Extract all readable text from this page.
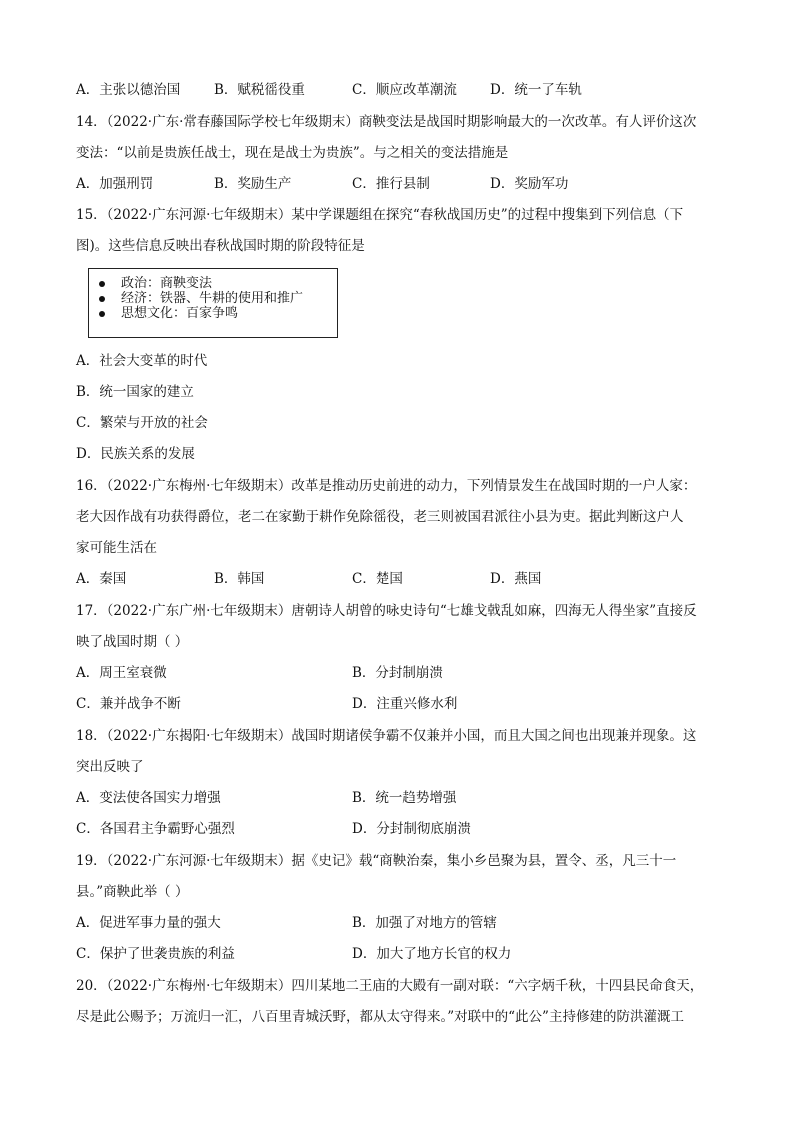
A．主张以德治国	B．赋税徭役重	C．顺应改革潮流	D．统一了车轨
14．（2022·广东·常春藤国际学校七年级期末）商鞅变法是战国时期影响最大的一次改革。有人评价这次
变法：“以前是贵族任战士，现在是战士为贵族”。与之相关的变法措施是
A．加强刑罚	B．奖励生产	C．推行县制	D．奖励军功
15．（2022·广东河源·七年级期末）某中学课题组在探究“春秋战国历史”的过程中搜集到下列信息（下
图)。这些信息反映出春秋战国时期的阶段特征是
政治：商鞅变法
经济：铁器、牛耕的使用和推广
思想文化：百家争鸣
A．社会大变革的时代
B．统一国家的建立
C．繁荣与开放的社会
D．民族关系的发展
16．（2022·广东梅州·七年级期末）改革是推动历史前进的动力，下列情景发生在战国时期的一户人家：
老大因作战有功获得爵位，老二在家勤于耕作免除徭役，老三则被国君派往小县为吏。据此判断这户人
家可能生活在
A．秦国	B．韩国	C．楚国	D．燕国
17．（2022·广东广州·七年级期末）唐朝诗人胡曾的咏史诗句“七雄戈戟乱如麻，四海无人得坐家”直接反
映了战国时期（ ）
A．周王室衰微	B．分封制崩溃
C．兼并战争不断	D．注重兴修水利
18．（2022·广东揭阳·七年级期末）战国时期诸侯争霸不仅兼并小国，而且大国之间也出现兼并现象。这
突出反映了
A．变法使各国实力增强	B．统一趋势增强
C．各国君主争霸野心强烈	D．分封制彻底崩溃
19．（2022·广东河源·七年级期末）据《史记》载“商鞅治秦，集小乡邑聚为县，置令、丞，凡三十一
县。”商鞅此举（ ）
A．促进军事力量的强大	B．加强了对地方的管辖
C．保护了世袭贵族的利益	D．加大了地方长官的权力
20．（2022·广东梅州·七年级期末）四川某地二王庙的大殿有一副对联：“六字炳千秋，十四县民命食天，
尽是此公赐予；万流归一汇，八百里青城沃野，都从太守得来。”对联中的“此公”主持修建的防洪灌溉工
